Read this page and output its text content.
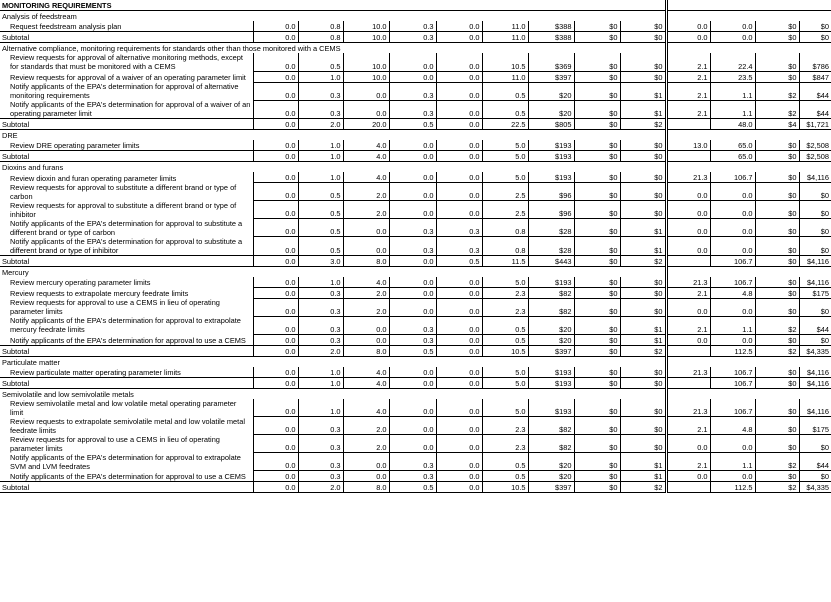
MONITORING REQUIREMENTS													
Analysis of feedstream													
Request feedstream analysis plan	0.0	0.8	10.0	0.3	0.0	11.0	$388	$0	$0	0.0	0.0	$0	$0
Subtotal	0.0	0.8	10.0	0.3	0.0	11.0	$388	$0	$0	0.0	0.0	$0	$0
Alternative compliance, monitoring requirements for standards other than those monitored with a CEMS													
Review requests for approval of alternative monitoring methods, except for standards that must be monitored with a CEMS	0.0	0.5	10.0	0.0	0.0	10.5	$369	$0	$0	2.1	22.4	$0	$786
Review requests for approval of a waiver of an operating parameter limit	0.0	1.0	10.0	0.0	0.0	11.0	$397	$0	$0	2.1	23.5	$0	$847
Notify applicants of the EPA's determination for approval of alternative monitoring requirements	0.0	0.3	0.0	0.3	0.0	0.5	$20	$0	$1	2.1	1.1	$2	$44
Notify applicants of the EPA's determination for approval of a waiver of an operating parameter limit	0.0	0.3	0.0	0.3	0.0	0.5	$20	$0	$1	2.1	1.1	$2	$44
Subtotal	0.0	2.0	20.0	0.5	0.0	22.5	$805	$0	$2		48.0	$4	$1,721
DRE													
Review DRE operating parameter limits	0.0	1.0	4.0	0.0	0.0	5.0	$193	$0	$0	13.0	65.0	$0	$2,508
Subtotal	0.0	1.0	4.0	0.0	0.0	5.0	$193	$0	$0		65.0	$0	$2,508
Dioxins and furans													
Review dioxin and furan operating parameter limits	0.0	1.0	4.0	0.0	0.0	5.0	$193	$0	$0	21.3	106.7	$0	$4,116
Review requests for approval to substitute a different brand or type of carbon	0.0	0.5	2.0	0.0	0.0	2.5	$96	$0	$0	0.0	0.0	$0	$0
Review requests for approval to substitute a different brand or type of inhibitor	0.0	0.5	2.0	0.0	0.0	2.5	$96	$0	$0	0.0	0.0	$0	$0
Notify applicants of the EPA's determination for approval to substitute a different brand or type of carbon	0.0	0.5	0.0	0.3	0.3	0.8	$28	$0	$1	0.0	0.0	$0	$0
Notify applicants of the EPA's determination for approval to substitute a different brand or type of inhibitor	0.0	0.5	0.0	0.3	0.3	0.8	$28	$0	$1	0.0	0.0	$0	$0
Subtotal	0.0	3.0	8.0	0.0	0.5	11.5	$443	$0	$2		106.7	$0	$4,116
Mercury													
Review mercury operating parameter limits	0.0	1.0	4.0	0.0	0.0	5.0	$193	$0	$0	21.3	106.7	$0	$4,116
Review requests to extrapolate mercury feedrate limits	0.0	0.3	2.0	0.0	0.0	2.3	$82	$0	$0	2.1	4.8	$0	$175
Review requests for approval to use a CEMS in lieu of operating parameter limits	0.0	0.3	2.0	0.0	0.0	2.3	$82	$0	$0	0.0	0.0	$0	$0
Notify applicants of the EPA's determination for approval to extrapolate mercury feedrate limits	0.0	0.3	0.0	0.3	0.0	0.5	$20	$0	$1	2.1	1.1	$2	$44
Notify applicants of the EPA's determination for approval to use a CEMS	0.0	0.3	0.0	0.3	0.0	0.5	$20	$0	$1	0.0	0.0	$0	$0
Subtotal	0.0	2.0	8.0	0.5	0.0	10.5	$397	$0	$2		112.5	$2	$4,335
Particulate matter													
Review particulate matter operating parameter limits	0.0	1.0	4.0	0.0	0.0	5.0	$193	$0	$0	21.3	106.7	$0	$4,116
Subtotal	0.0	1.0	4.0	0.0	0.0	5.0	$193	$0	$0		106.7	$0	$4,116
Semivolatile and low semivolatile metals													
Review semivolatile metal and low volatile metal operating parameter limit	0.0	1.0	4.0	0.0	0.0	5.0	$193	$0	$0	21.3	106.7	$0	$4,116
Review requests to extrapolate semivolatile metal and low volatile metal feedrate limits	0.0	0.3	2.0	0.0	0.0	2.3	$82	$0	$0	2.1	4.8	$0	$175
Review requests for approval to use a CEMS in lieu of operating parameter limits	0.0	0.3	2.0	0.0	0.0	2.3	$82	$0	$0	0.0	0.0	$0	$0
Notify applicants of the EPA's determination for approval to extrapolate SVM and LVM feedrates	0.0	0.3	0.0	0.3	0.0	0.5	$20	$0	$1	2.1	1.1	$2	$44
Notify applicants of the EPA's determination for approval to use a CEMS	0.0	0.3	0.0	0.3	0.0	0.5	$20	$0	$1	0.0	0.0	$0	$0
Subtotal	0.0	2.0	8.0	0.5	0.0	10.5	$397	$0	$2		112.5	$2	$4,335
